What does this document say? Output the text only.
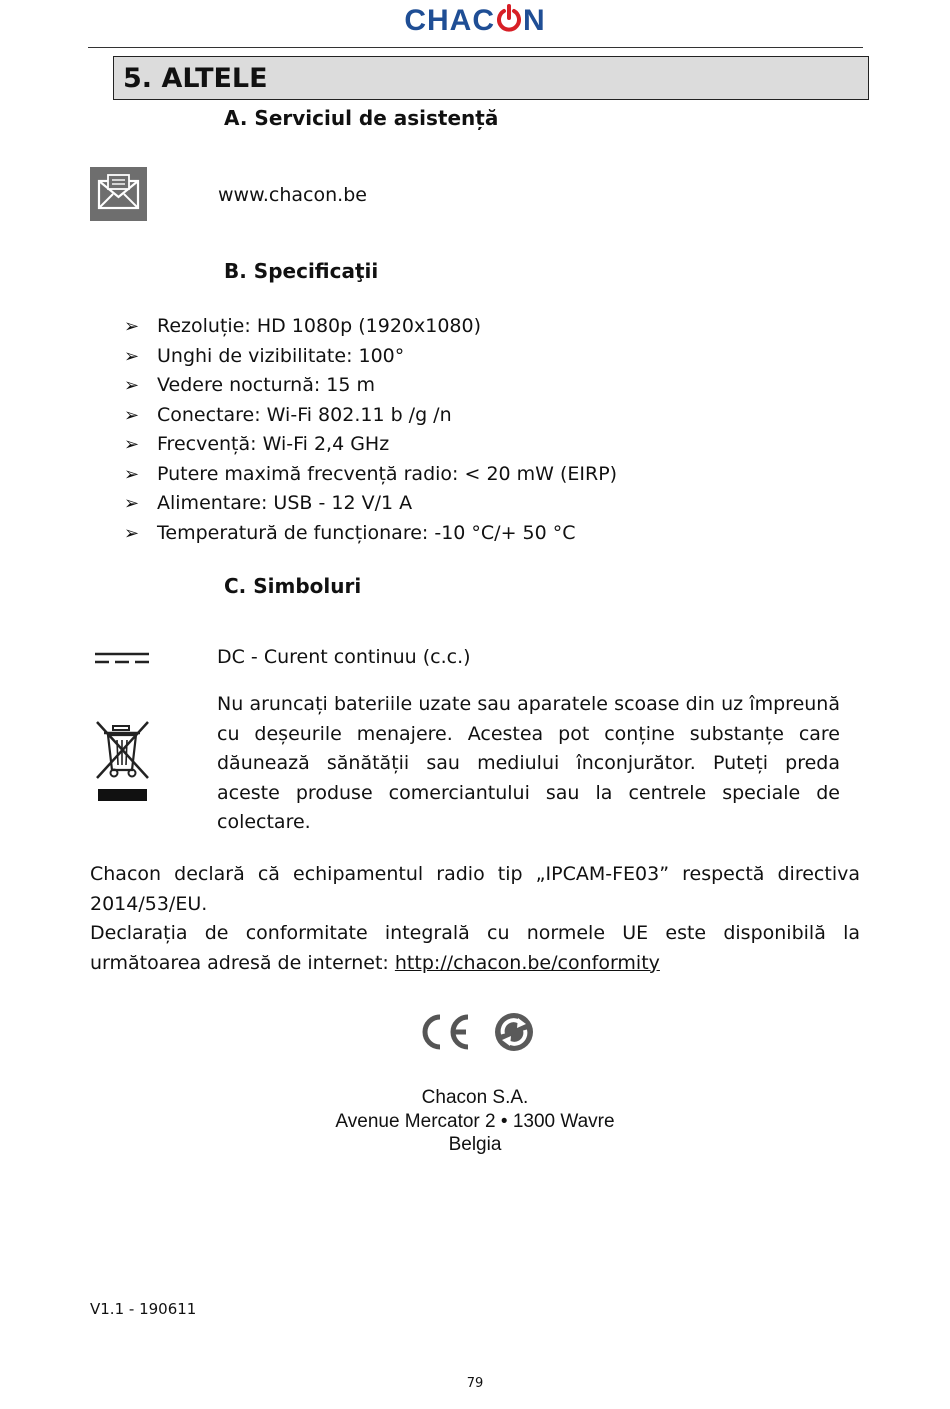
CHAC N
5. ALTELE
A. Serviciul de asistență
www.chacon.be
B. Specificaţii
➢ Rezoluție: HD 1080p (1920x1080)
➢ Unghi de vizibilitate: 100°
➢ Vedere nocturnă: 15 m
➢ Conectare: Wi-Fi 802.11 b /g /n
➢ Frecvență: Wi-Fi 2,4 GHz
➢ Putere maximă frecvență radio: < 20 mW (EIRP)
➢ Alimentare: USB - 12 V/1 A
➢ Temperatură de funcționare: -10 °C/+ 50 °C
C. Simboluri
DC - Curent continuu (c.c.)
Nu aruncați bateriile uzate sau aparatele scoase din uz împreună cu deșeurile menajere. Acestea pot conține substanțe care dăunează sănătății sau mediului înconjurător. Puteți preda aceste produse comerciantului sau la centrele speciale de colectare.
Chacon declară că echipamentul radio tip „IPCAM-FE03” respectă directiva 2014/53/EU.
Declarația de conformitate integrală cu normele UE este disponibilă la următoarea adresă de internet: http://chacon.be/conformity
Chacon S.A.
Avenue Mercator 2 • 1300 Wavre
Belgia
V1.1 - 190611
79
